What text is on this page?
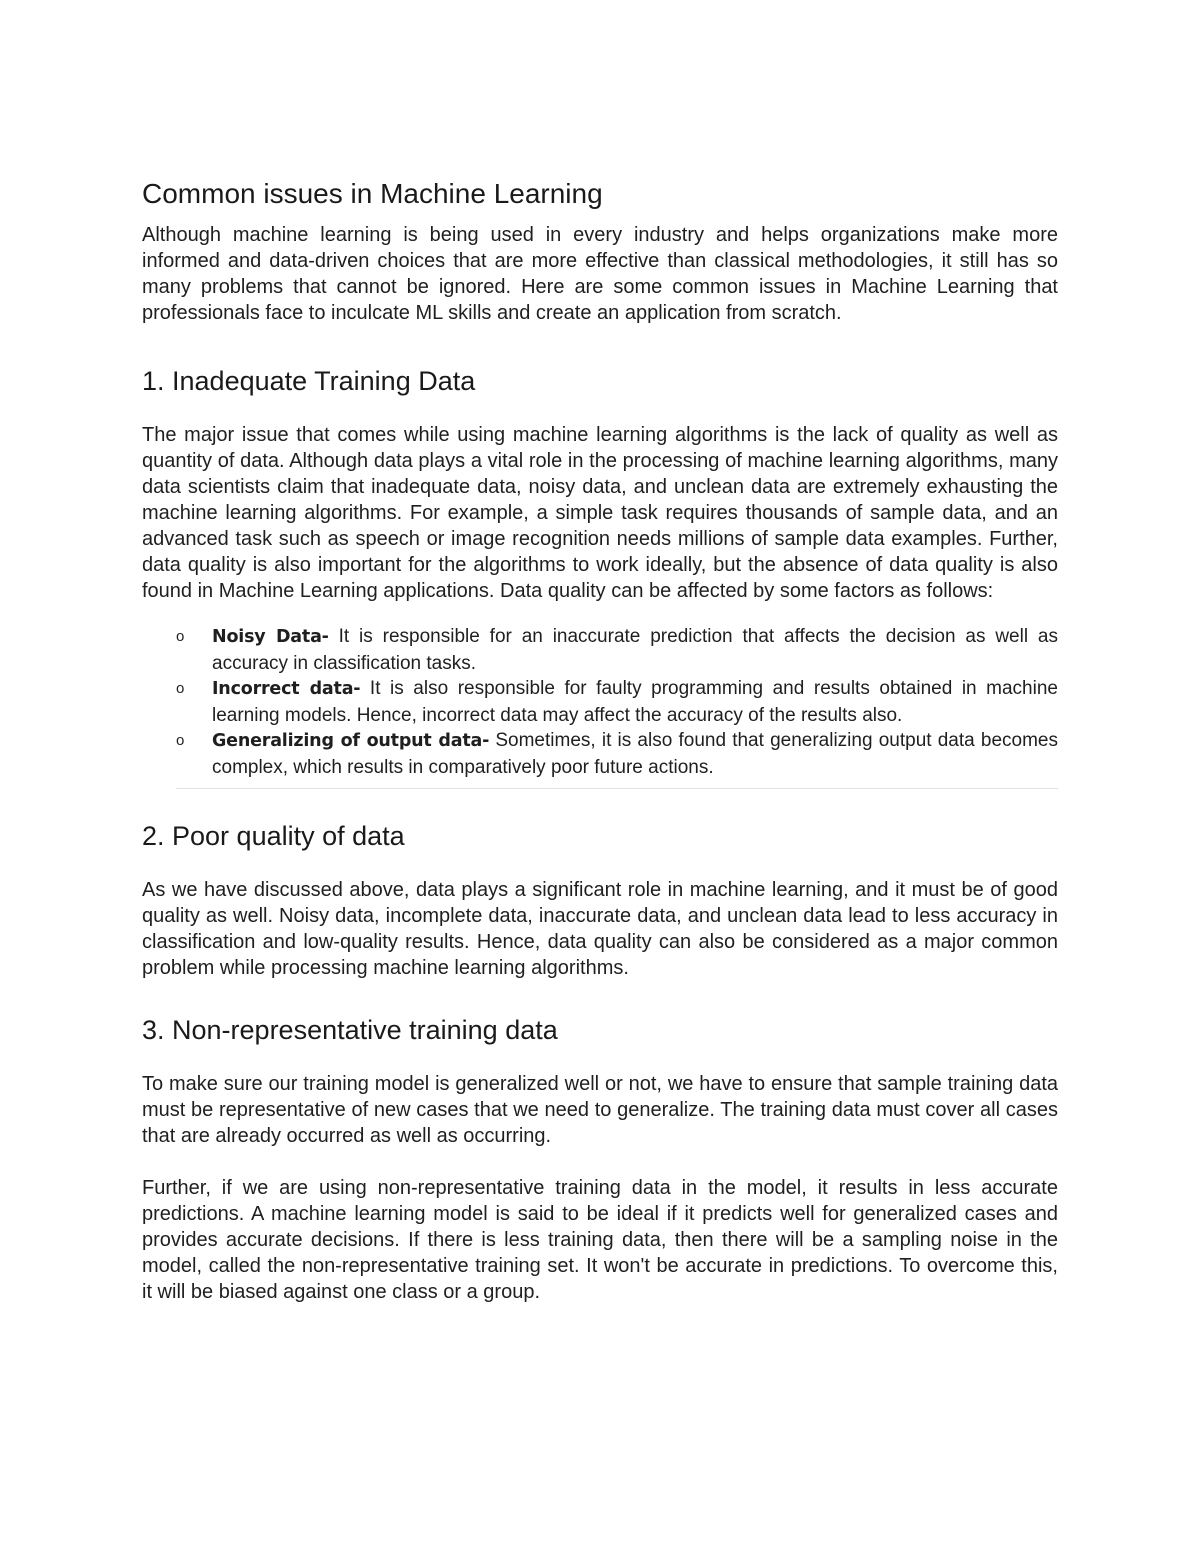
Common issues in Machine Learning

Although machine learning is being used in every industry and helps organizations make more informed and data-driven choices that are more effective than classical methodologies, it still has so many problems that cannot be ignored. Here are some common issues in Machine Learning that professionals face to inculcate ML skills and create an application from scratch.

1. Inadequate Training Data

The major issue that comes while using machine learning algorithms is the lack of quality as well as quantity of data. Although data plays a vital role in the processing of machine learning algorithms, many data scientists claim that inadequate data, noisy data, and unclean data are extremely exhausting the machine learning algorithms. For example, a simple task requires thousands of sample data, and an advanced task such as speech or image recognition needs millions of sample data examples. Further, data quality is also important for the algorithms to work ideally, but the absence of data quality is also found in Machine Learning applications. Data quality can be affected by some factors as follows:

o Noisy Data- It is responsible for an inaccurate prediction that affects the decision as well as accuracy in classification tasks.
o Incorrect data- It is also responsible for faulty programming and results obtained in machine learning models. Hence, incorrect data may affect the accuracy of the results also.
o Generalizing of output data- Sometimes, it is also found that generalizing output data becomes complex, which results in comparatively poor future actions.
2. Poor quality of data

As we have discussed above, data plays a significant role in machine learning, and it must be of good quality as well. Noisy data, incomplete data, inaccurate data, and unclean data lead to less accuracy in classification and low-quality results. Hence, data quality can also be considered as a major common problem while processing machine learning algorithms.

3. Non-representative training data

To make sure our training model is generalized well or not, we have to ensure that sample training data must be representative of new cases that we need to generalize. The training data must cover all cases that are already occurred as well as occurring.

Further, if we are using non-representative training data in the model, it results in less accurate predictions. A machine learning model is said to be ideal if it predicts well for generalized cases and provides accurate decisions. If there is less training data, then there will be a sampling noise in the model, called the non-representative training set. It won't be accurate in predictions. To overcome this, it will be biased against one class or a group.
